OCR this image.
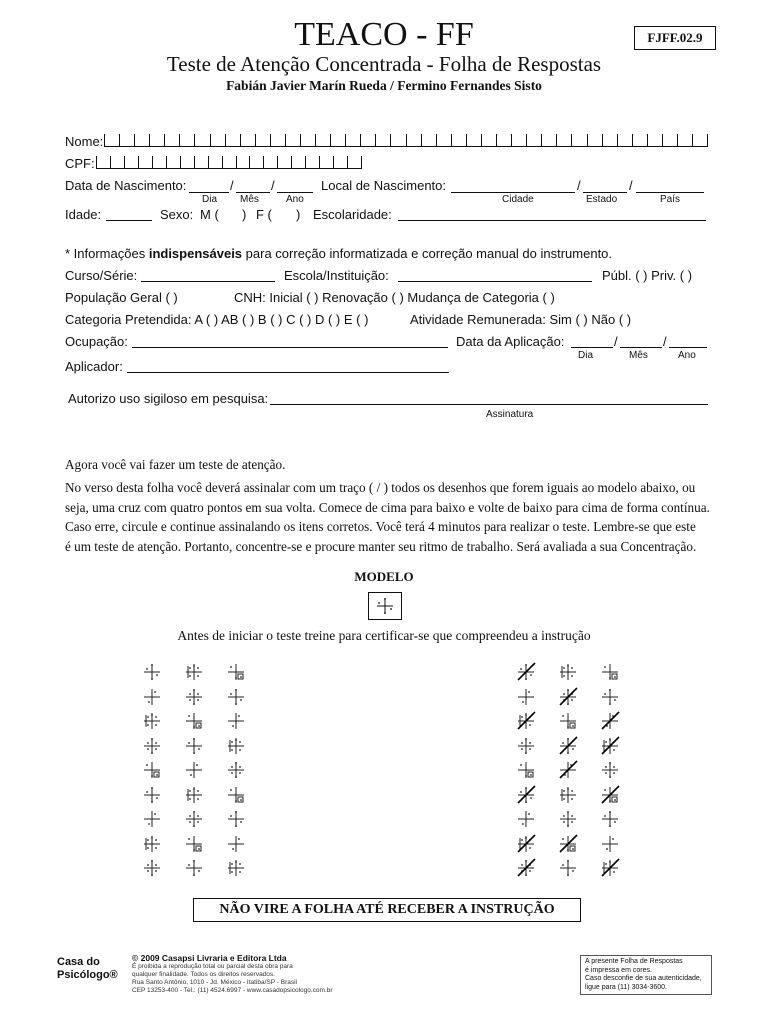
TEACO - FF	FJFF.02.9
Teste de Atenção Concentrada - Folha de Respostas
Fabián Javier Marín Rueda / Fermino Fernandes Sisto
Nome:
CPF:
Data de Nascimento:	/	/
Dia Mês	Ano
Local de Nascimento:	/	/
Cidade	Estado	País
Idade:	Sexo: M ( ) F ( ) Escolaridade:
* Informações indispensáveis para correção informatizada e correção manual do instrumento.
Curso/Série:	Escola/Instituição:	Públ. ( ) Priv. ( )
População Geral ( )	CNH: Inicial ( ) Renovação ( ) Mudança de Categoria ( )
Categoria Pretendida: A ( ) AB ( ) B ( ) C ( ) D ( ) E ( )	Atividade Remunerada: Sim ( ) Não ( )
Ocupação:	Data da Aplicação:	/	/
Dia	Mês	Ano
Aplicador:
Autorizo uso sigiloso em pesquisa:
Assinatura
Agora você vai fazer um teste de atenção.
No verso desta folha você deverá assinalar com um traço ( / ) todos os desenhos que forem iguais ao modelo abaixo, ou
seja, uma cruz com quatro pontos em sua volta. Comece de cima para baixo e volte de baixo para cima de forma contínua.
Caso erre, circule e continue assinalando os itens corretos. Você terá 4 minutos para realizar o teste. Lembre-se que este
é um teste de atenção. Portanto, concentre-se e procure manter seu ritmo de trabalho. Será avaliada a sua Concentração.
MODELO
Antes de iniciar o teste treine para certificar-se que compreendeu a instrução
NÃO VIRE A FOLHA ATÉ RECEBER A INSTRUÇÃO
Casa do
Psicólogo®
© 2009 Casapsi Livraria e Editora Ltda
É proibida a reprodução total ou parcial desta obra para
qualquer finalidade. Todos os direitos reservados.
Rua Santo Antônio, 1010 - Jd. México - Itatiba/SP - Brasil
CEP 13253-400 - Tel.: (11) 4524.6997 - www.casadopsicologo.com.br
A presente Folha de Respostas
é impressa em cores.
Caso desconfie de sua autenticidade,
ligue para (11) 3034-3600.
